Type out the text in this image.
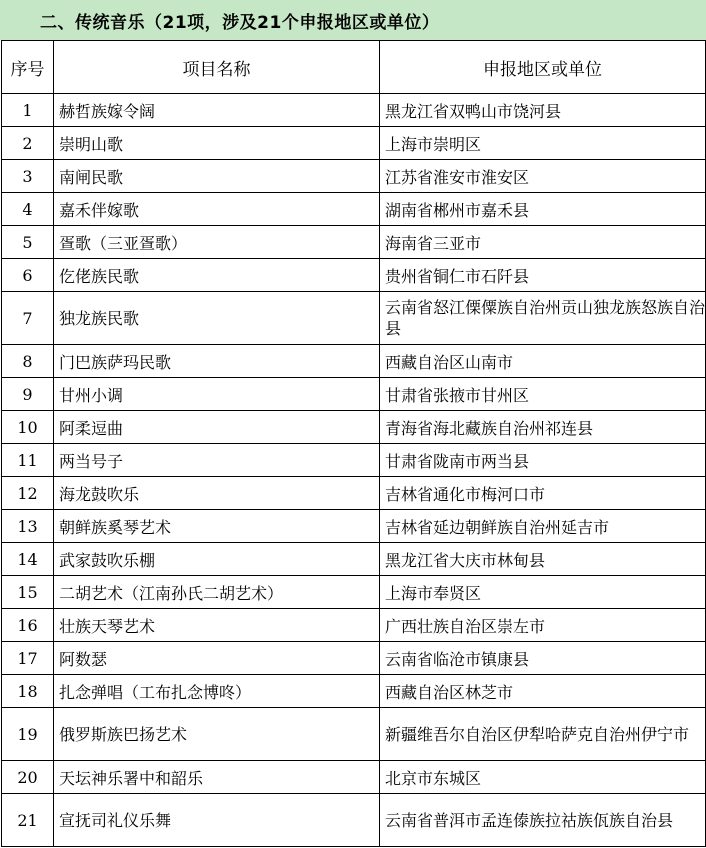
二、传统音乐（21项，涉及21个申报地区或单位）
序号	项目名称	申报地区或单位
1	赫哲族嫁令阔	黑龙江省双鸭山市饶河县
2	崇明山歌	上海市崇明区
3	南闸民歌	江苏省淮安市淮安区
4	嘉禾伴嫁歌	湖南省郴州市嘉禾县
5	疍歌（三亚疍歌）	海南省三亚市
6	仡佬族民歌	贵州省铜仁市石阡县
7	独龙族民歌	云南省怒江傈僳族自治州贡山独龙族怒族自治县
8	门巴族萨玛民歌	西藏自治区山南市
9	甘州小调	甘肃省张掖市甘州区
10	阿柔逗曲	青海省海北藏族自治州祁连县
11	两当号子	甘肃省陇南市两当县
12	海龙鼓吹乐	吉林省通化市梅河口市
13	朝鲜族奚琴艺术	吉林省延边朝鲜族自治州延吉市
14	武家鼓吹乐棚	黑龙江省大庆市林甸县
15	二胡艺术（江南孙氏二胡艺术）	上海市奉贤区
16	壮族天琴艺术	广西壮族自治区崇左市
17	阿数瑟	云南省临沧市镇康县
18	扎念弹唱（工布扎念博咚）	西藏自治区林芝市
19	俄罗斯族巴扬艺术	新疆维吾尔自治区伊犁哈萨克自治州伊宁市
20	天坛神乐署中和韶乐	北京市东城区
21	宣抚司礼仪乐舞	云南省普洱市孟连傣族拉祜族佤族自治县
